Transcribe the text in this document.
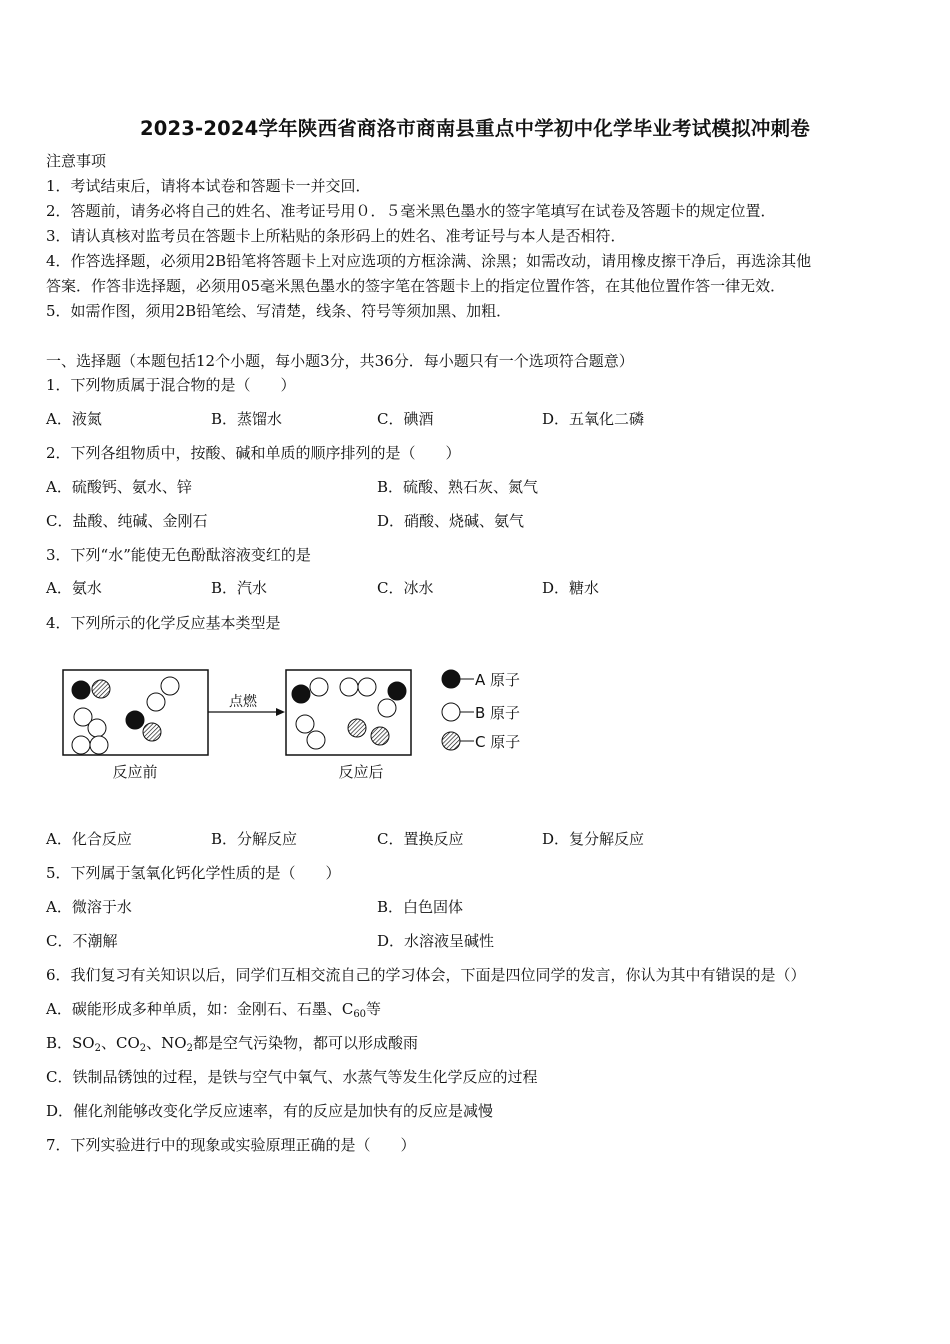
2023-2024学年陕西省商洛市商南县重点中学初中化学毕业考试模拟冲刺卷
注意事项
1．考试结束后，请将本试卷和答题卡一并交回．
2．答题前，请务必将自己的姓名、准考证号用０．５毫米黑色墨水的签字笔填写在试卷及答题卡的规定位置．
3．请认真核对监考员在答题卡上所粘贴的条形码上的姓名、准考证号与本人是否相符．
4．作答选择题，必须用2B铅笔将答题卡上对应选项的方框涂满、涂黑；如需改动，请用橡皮擦干净后，再选涂其他
答案．作答非选择题，必须用05毫米黑色墨水的签字笔在答题卡上的指定位置作答，在其他位置作答一律无效．
5．如需作图，须用2B铅笔绘、写清楚，线条、符号等须加黑、加粗．
一、选择题（本题包括12个小题，每小题3分，共36分．每小题只有一个选项符合题意）
1．下列物质属于混合物的是（　　）
A．液氮	B．蒸馏水	C．碘酒	D．五氧化二磷
2．下列各组物质中，按酸、碱和单质的顺序排列的是（　　）
A．硫酸钙、氨水、锌	B．硫酸、熟石灰、氮气
C．盐酸、纯碱、金刚石	D．硝酸、烧碱、氨气
3．下列“水”能使无色酚酞溶液变红的是
A．氨水	B．汽水	C．冰水	D．糖水
4．下列所示的化学反应基本类型是
反应前
点燃
反应后
A 原子
B 原子
C 原子
A．化合反应	B．分解反应	C．置换反应	D．复分解反应
5．下列属于氢氧化钙化学性质的是（　　）
A．微溶于水	B．白色固体
C．不潮解	D．水溶液呈碱性
6．我们复习有关知识以后，同学们互相交流自己的学习体会，下面是四位同学的发言，你认为其中有错误的是（）
A．碳能形成多种单质，如：金刚石、石墨、$C_{60}$等
B．$SO_2$、$CO_2$、$NO_2$都是空气污染物，都可以形成酸雨
C．铁制品锈蚀的过程，是铁与空气中氧气、水蒸气等发生化学反应的过程
D．催化剂能够改变化学反应速率，有的反应是加快有的反应是减慢
7．下列实验进行中的现象或实验原理正确的是（　　）
